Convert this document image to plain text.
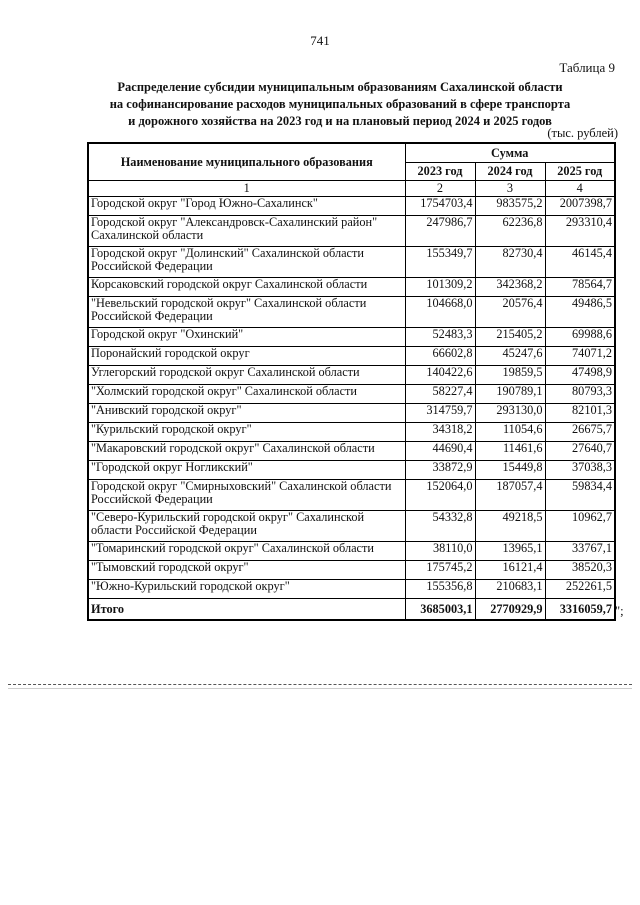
741
Таблица 9
Распределение субсидии муниципальным образованиям Сахалинской области
на софинансирование расходов муниципальных образований в сфере транспорта
и дорожного хозяйства на 2023 год и на плановый период 2024 и 2025 годов
(тыс. рублей)
Наименование муниципального образования	Сумма		
	2023 год	2024 год	2025 год
1	2	3	4
Городской округ "Город Южно-Сахалинск"	1754703,4	983575,2	2007398,7
Городской округ "Александровск-Сахалинский район" Сахалинской области	247986,7	62236,8	293310,4
Городской округ "Долинский" Сахалинской области Российской Федерации	155349,7	82730,4	46145,4
Корсаковский городской округ Сахалинской области	101309,2	342368,2	78564,7
"Невельский городской округ" Сахалинской области Российской Федерации	104668,0	20576,4	49486,5
Городской округ "Охинский"	52483,3	215405,2	69988,6
Поронайский городской округ	66602,8	45247,6	74071,2
Углегорский городской округ Сахалинской области	140422,6	19859,5	47498,9
"Холмский городской округ" Сахалинской области	58227,4	190789,1	80793,3
"Анивский городской округ"	314759,7	293130,0	82101,3
"Курильский городской округ"	34318,2	11054,6	26675,7
"Макаровский городской округ" Сахалинской области	44690,4	11461,6	27640,7
"Городской округ Ногликский"	33872,9	15449,8	37038,3
Городской округ "Смирныховский" Сахалинской области Российской Федерации	152064,0	187057,4	59834,4
"Северо-Курильский городской округ" Сахалинской области Российской Федерации	54332,8	49218,5	10962,7
"Томаринский городской округ" Сахалинской области	38110,0	13965,1	33767,1
"Тымовский городской округ"	175745,2	16121,4	38520,3
"Южно-Курильский городской округ"	155356,8	210683,1	252261,5
Итого	3685003,1	2770929,9	3316059,7 ";
